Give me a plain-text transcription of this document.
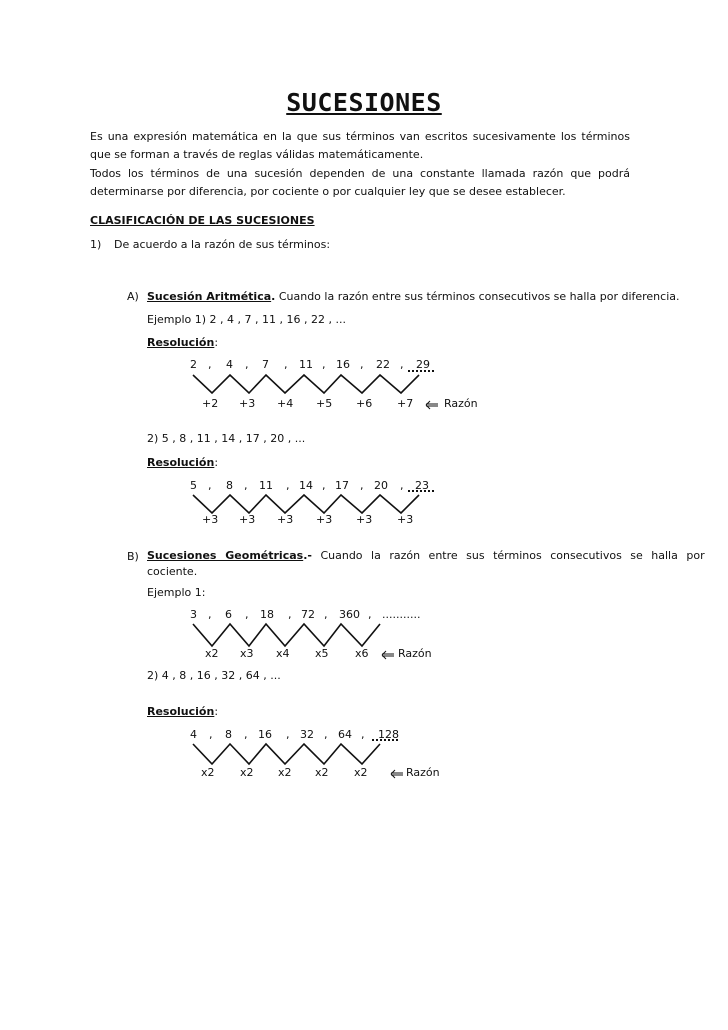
SUCESIONES

Es una expresión matemática en la que sus términos van escritos sucesivamente los términos que se forman a través de reglas válidas matemáticamente.

Todos los términos de una sucesión dependen de una constante llamada razón que podrá determinarse por diferencia, por cociente o por cualquier ley que se desee establecer.

CLASIFICACIÓN DE LAS SUCESIONES

1) De acuerdo a la razón de sus términos:

A) Sucesión Aritmética. Cuando la razón entre sus términos consecutivos se halla por diferencia.

Ejemplo 1) 2 , 4 , 7 , 11 , 16 , 22 , ...

Resolución:

2 , 4 , 7 , 11 , 16 , 22 , 29
+2 +3 +4 +5 +6 +7	Razón

2) 5 , 8 , 11 , 14 , 17 , 20 , ...

Resolución:

5 , 8 , 11 , 14 , 17 , 20 , 23
+3 +3 +3 +3 +3 +3
B) Sucesiones Geométricas.- Cuando la razón entre sus términos consecutivos se halla por
cociente.

Ejemplo 1:

3 , 6 , 18 , 72 , 360 , ...........
x2 x3 x4 x5 x6	Razón

2) 4 , 8 , 16 , 32 , 64 , ...

Resolución:

4 , 8 , 16 , 32 , 64 , 128
x2 x2 x2 x2 x2	Razón
